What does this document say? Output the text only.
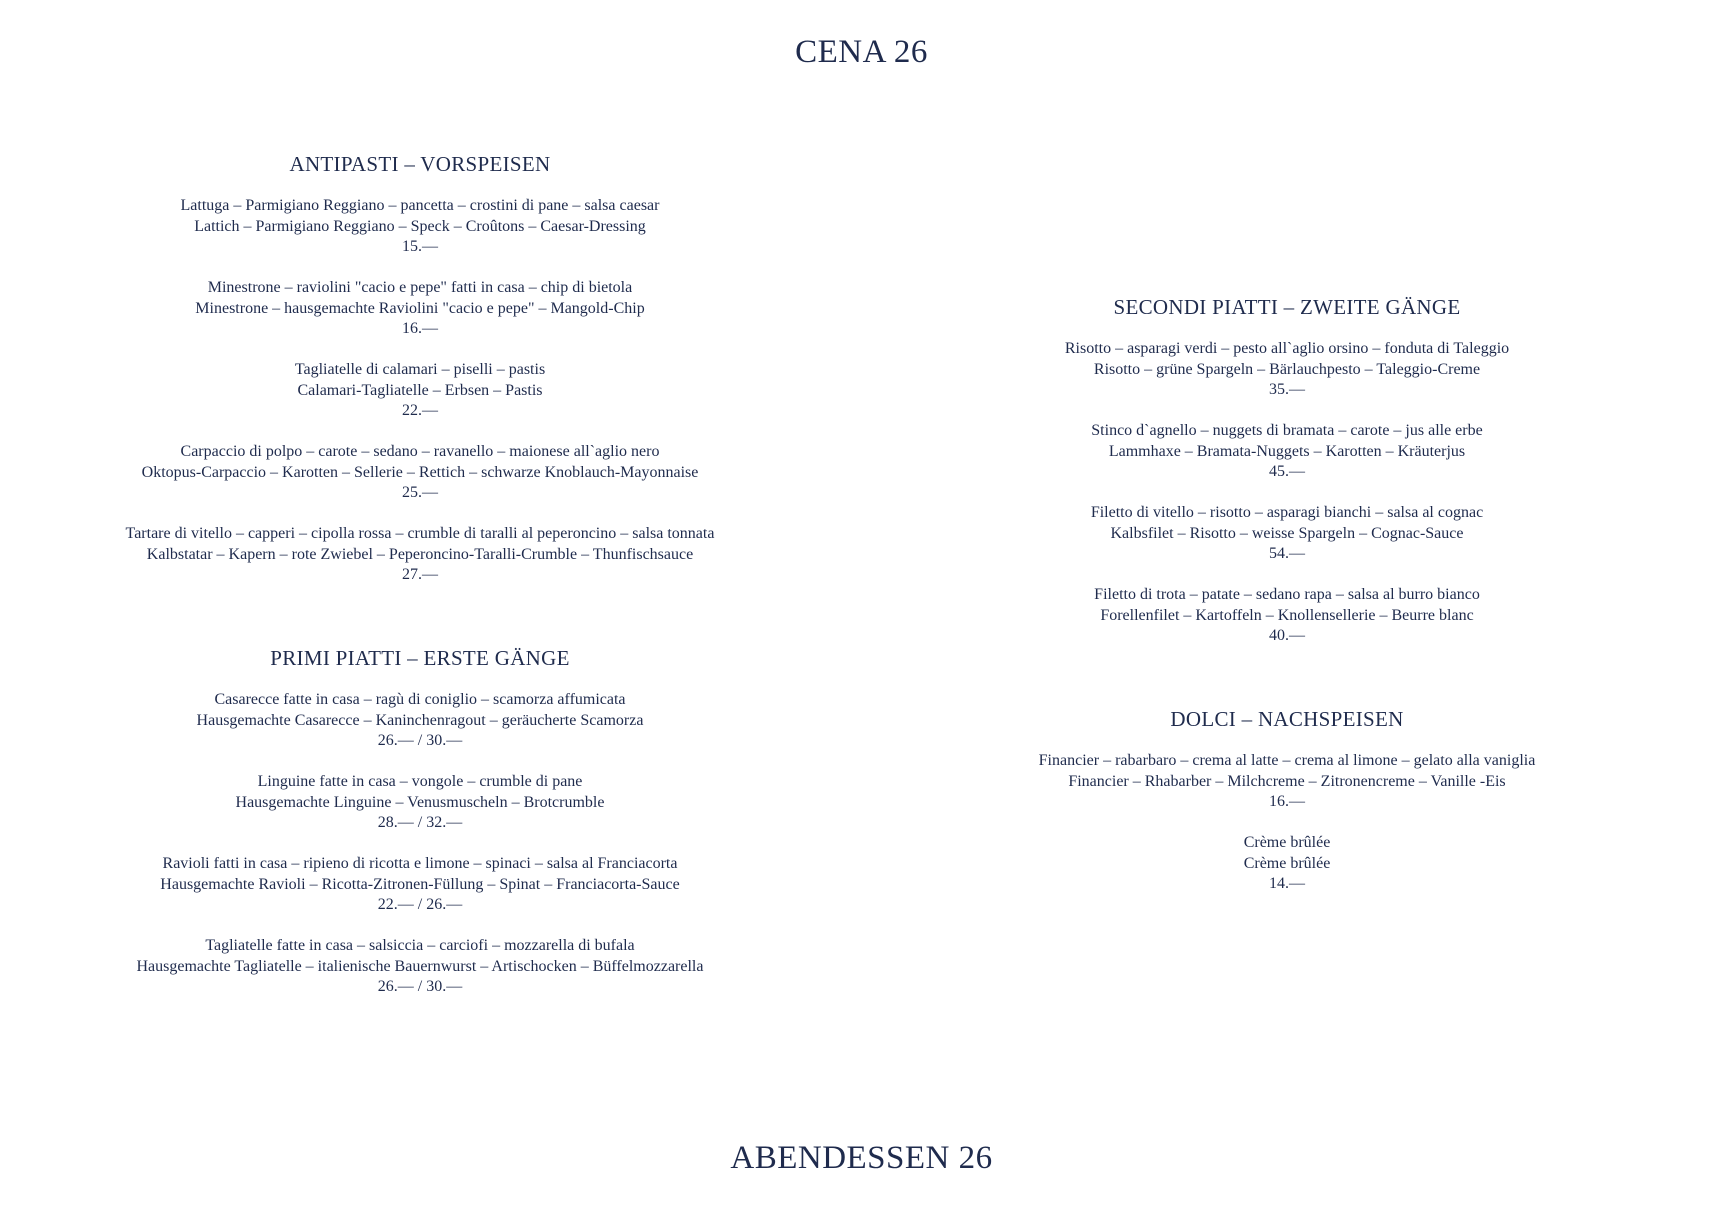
CENA 26
ANTIPASTI – VORSPEISEN
Lattuga – Parmigiano Reggiano – pancetta – crostini di pane – salsa caesar
Lattich – Parmigiano Reggiano – Speck – Croûtons – Caesar-Dressing
15.—
Minestrone – raviolini "cacio e pepe" fatti in casa – chip di bietola
Minestrone – hausgemachte Raviolini "cacio e pepe" – Mangold-Chip
16.—
Tagliatelle di calamari – piselli – pastis
Calamari-Tagliatelle – Erbsen – Pastis
22.—
Carpaccio di polpo – carote – sedano – ravanello – maionese all`aglio nero
Oktopus-Carpaccio – Karotten – Sellerie – Rettich – schwarze Knoblauch-Mayonnaise
25.—
Tartare di vitello – capperi – cipolla rossa – crumble di taralli al peperoncino – salsa tonnata
Kalbstatar – Kapern – rote Zwiebel – Peperoncino-Taralli-Crumble – Thunfischsauce
27.—
PRIMI PIATTI – ERSTE GÄNGE
Casarecce fatte in casa – ragù di coniglio – scamorza affumicata
Hausgemachte Casarecce – Kaninchenragout – geräucherte Scamorza
26.— / 30.—
Linguine fatte in casa – vongole – crumble di pane
Hausgemachte Linguine – Venusmuscheln – Brotcrumble
28.— / 32.—
Ravioli fatti in casa – ripieno di ricotta e limone – spinaci – salsa al Franciacorta
Hausgemachte Ravioli – Ricotta-Zitronen-Füllung – Spinat – Franciacorta-Sauce
22.— / 26.—
Tagliatelle fatte in casa – salsiccia – carciofi – mozzarella di bufala
Hausgemachte Tagliatelle – italienische Bauernwurst – Artischocken – Büffelmozzarella
26.— / 30.—
SECONDI PIATTI – ZWEITE GÄNGE
Risotto – asparagi verdi – pesto all`aglio orsino – fonduta di Taleggio
Risotto – grüne Spargeln – Bärlauchpesto – Taleggio-Creme
35.—
Stinco d`agnello – nuggets di bramata – carote – jus alle erbe
Lammhaxe – Bramata-Nuggets – Karotten – Kräuterjus
45.—
Filetto di vitello – risotto – asparagi bianchi – salsa al cognac
Kalbsfilet – Risotto – weisse Spargeln – Cognac-Sauce
54.—
Filetto di trota – patate – sedano rapa – salsa al burro bianco
Forellenfilet – Kartoffeln – Knollensellerie – Beurre blanc
40.—
DOLCI – NACHSPEISEN
Financier – rabarbaro – crema al latte – crema al limone – gelato alla vaniglia
Financier – Rhabarber – Milchcreme – Zitronencreme – Vanille -Eis
16.—
Crème brûlée
Crème brûlée
14.—
ABENDESSEN 26
